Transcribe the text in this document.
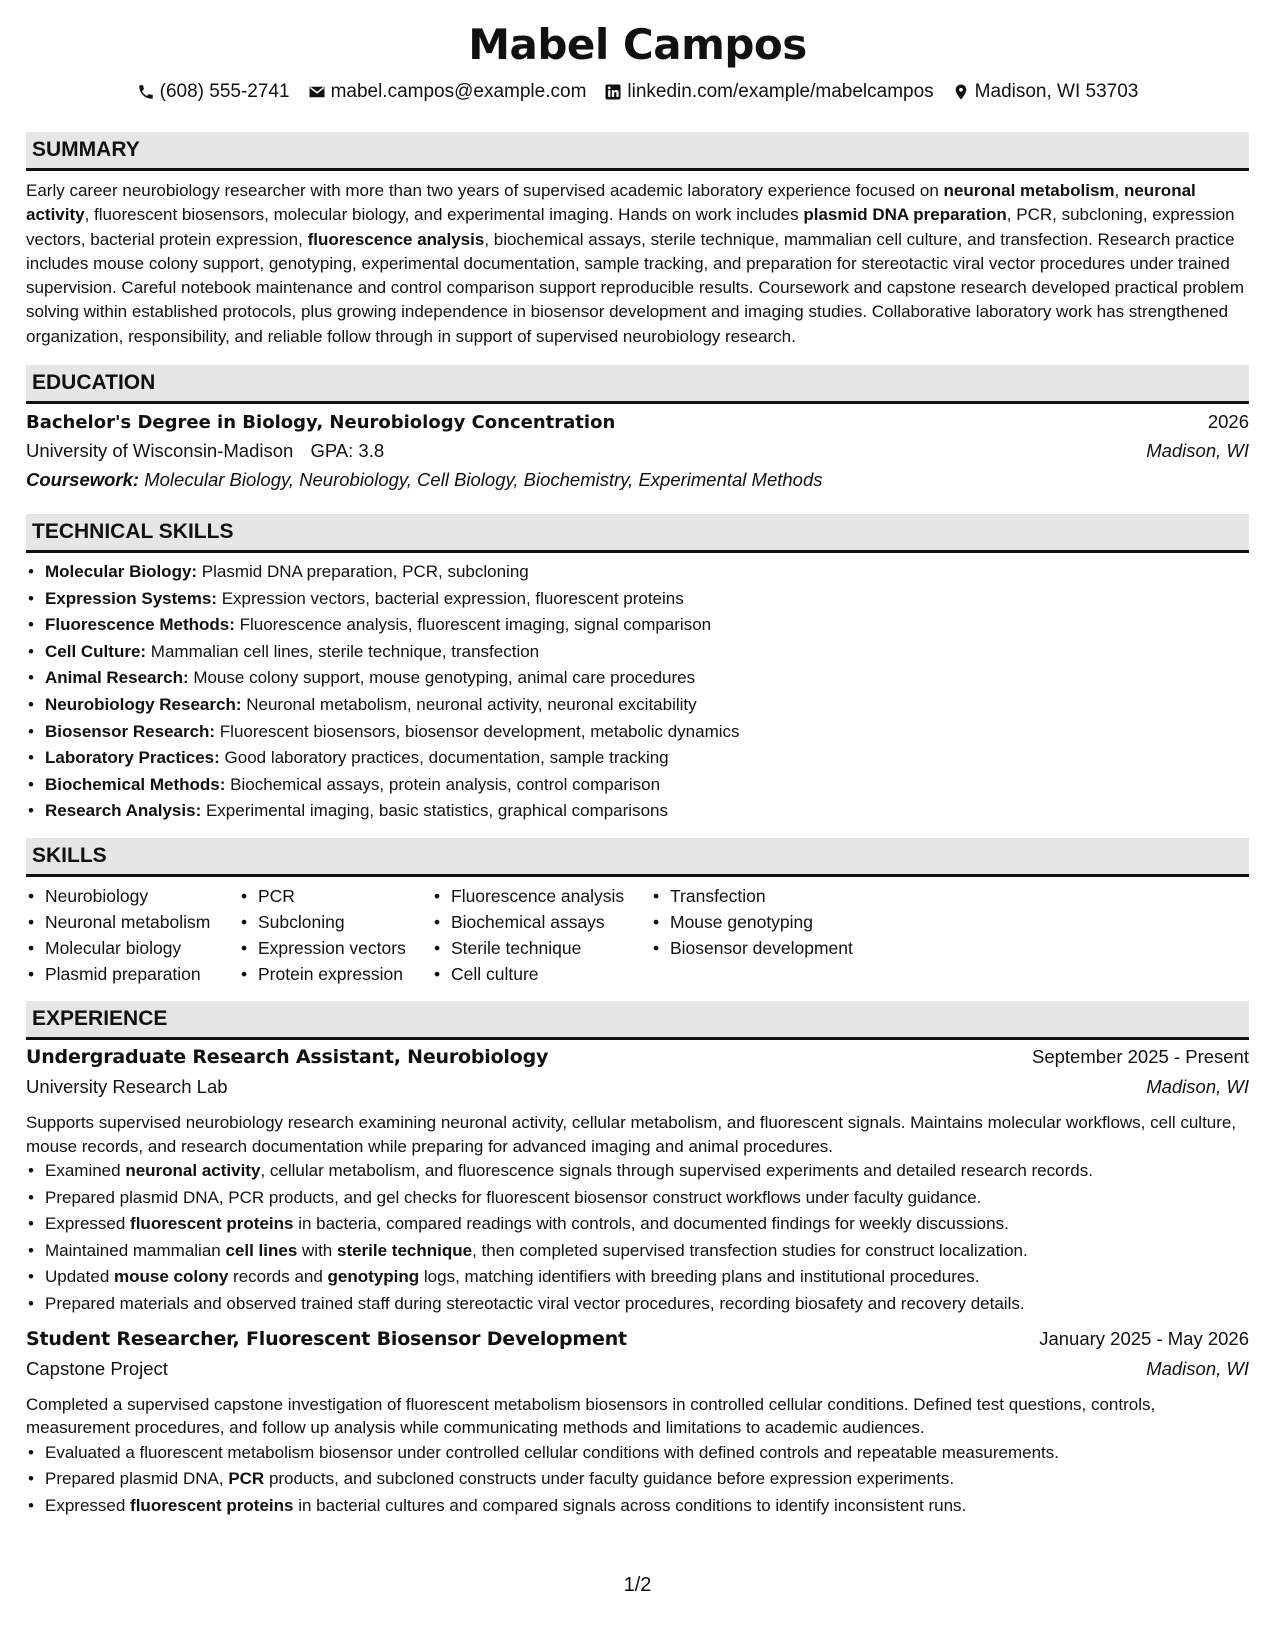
Mabel Campos
(608) 555-2741 mabel.campos@example.com linkedin.com/example/mabelcampos Madison, WI 53703
SUMMARY

Early career neurobiology researcher with more than two years of supervised academic laboratory experience focused on neuronal metabolism, neuronal activity, fluorescent biosensors, molecular biology, and experimental imaging. Hands on work includes plasmid DNA preparation, PCR, subcloning, expression vectors, bacterial protein expression, fluorescence analysis, biochemical assays, sterile technique, mammalian cell culture, and transfection. Research practice includes mouse colony support, genotyping, experimental documentation, sample tracking, and preparation for stereotactic viral vector procedures under trained supervision. Careful notebook maintenance and control comparison support reproducible results. Coursework and capstone research developed practical problem solving within established protocols, plus growing independence in biosensor development and imaging studies. Collaborative laboratory work has strengthened organization, responsibility, and reliable follow through in support of supervised neurobiology research.

EDUCATION
Bachelor's Degree in Biology, Neurobiology Concentration	2026
University of Wisconsin-Madison GPA: 3.8	Madison, WI
Coursework: Molecular Biology, Neurobiology, Cell Biology, Biochemistry, Experimental Methods
TECHNICAL SKILLS
• Molecular Biology: Plasmid DNA preparation, PCR, subcloning
• Expression Systems: Expression vectors, bacterial expression, fluorescent proteins
• Fluorescence Methods: Fluorescence analysis, fluorescent imaging, signal comparison
• Cell Culture: Mammalian cell lines, sterile technique, transfection
• Animal Research: Mouse colony support, mouse genotyping, animal care procedures
• Neurobiology Research: Neuronal metabolism, neuronal activity, neuronal excitability
• Biosensor Research: Fluorescent biosensors, biosensor development, metabolic dynamics
• Laboratory Practices: Good laboratory practices, documentation, sample tracking
• Biochemical Methods: Biochemical assays, protein analysis, control comparison
• Research Analysis: Experimental imaging, basic statistics, graphical comparisons
SKILLS
• Neurobiology
• Neuronal metabolism
• Molecular biology
• Plasmid preparation
• PCR
• Subcloning
• Expression vectors
• Protein expression
• Fluorescence analysis
• Biochemical assays
• Sterile technique
• Cell culture
• Transfection
• Mouse genotyping
• Biosensor development
EXPERIENCE
Undergraduate Research Assistant, Neurobiology	September 2025 - Present
University Research Lab	Madison, WI

Supports supervised neurobiology research examining neuronal activity, cellular metabolism, and fluorescent signals. Maintains molecular workflows, cell culture, mouse records, and research documentation while preparing for advanced imaging and animal procedures.

• Examined neuronal activity, cellular metabolism, and fluorescence signals through supervised experiments and detailed research records.
• Prepared plasmid DNA, PCR products, and gel checks for fluorescent biosensor construct workflows under faculty guidance.
• Expressed fluorescent proteins in bacteria, compared readings with controls, and documented findings for weekly discussions.
• Maintained mammalian cell lines with sterile technique, then completed supervised transfection studies for construct localization.
• Updated mouse colony records and genotyping logs, matching identifiers with breeding plans and institutional procedures.
• Prepared materials and observed trained staff during stereotactic viral vector procedures, recording biosafety and recovery details.
Student Researcher, Fluorescent Biosensor Development	January 2025 - May 2026
Capstone Project	Madison, WI

Completed a supervised capstone investigation of fluorescent metabolism biosensors in controlled cellular conditions. Defined test questions, controls, measurement procedures, and follow up analysis while communicating methods and limitations to academic audiences.

• Evaluated a fluorescent metabolism biosensor under controlled cellular conditions with defined controls and repeatable measurements.
• Prepared plasmid DNA, PCR products, and subcloned constructs under faculty guidance before expression experiments.
• Expressed fluorescent proteins in bacterial cultures and compared signals across conditions to identify inconsistent runs.
1/2
